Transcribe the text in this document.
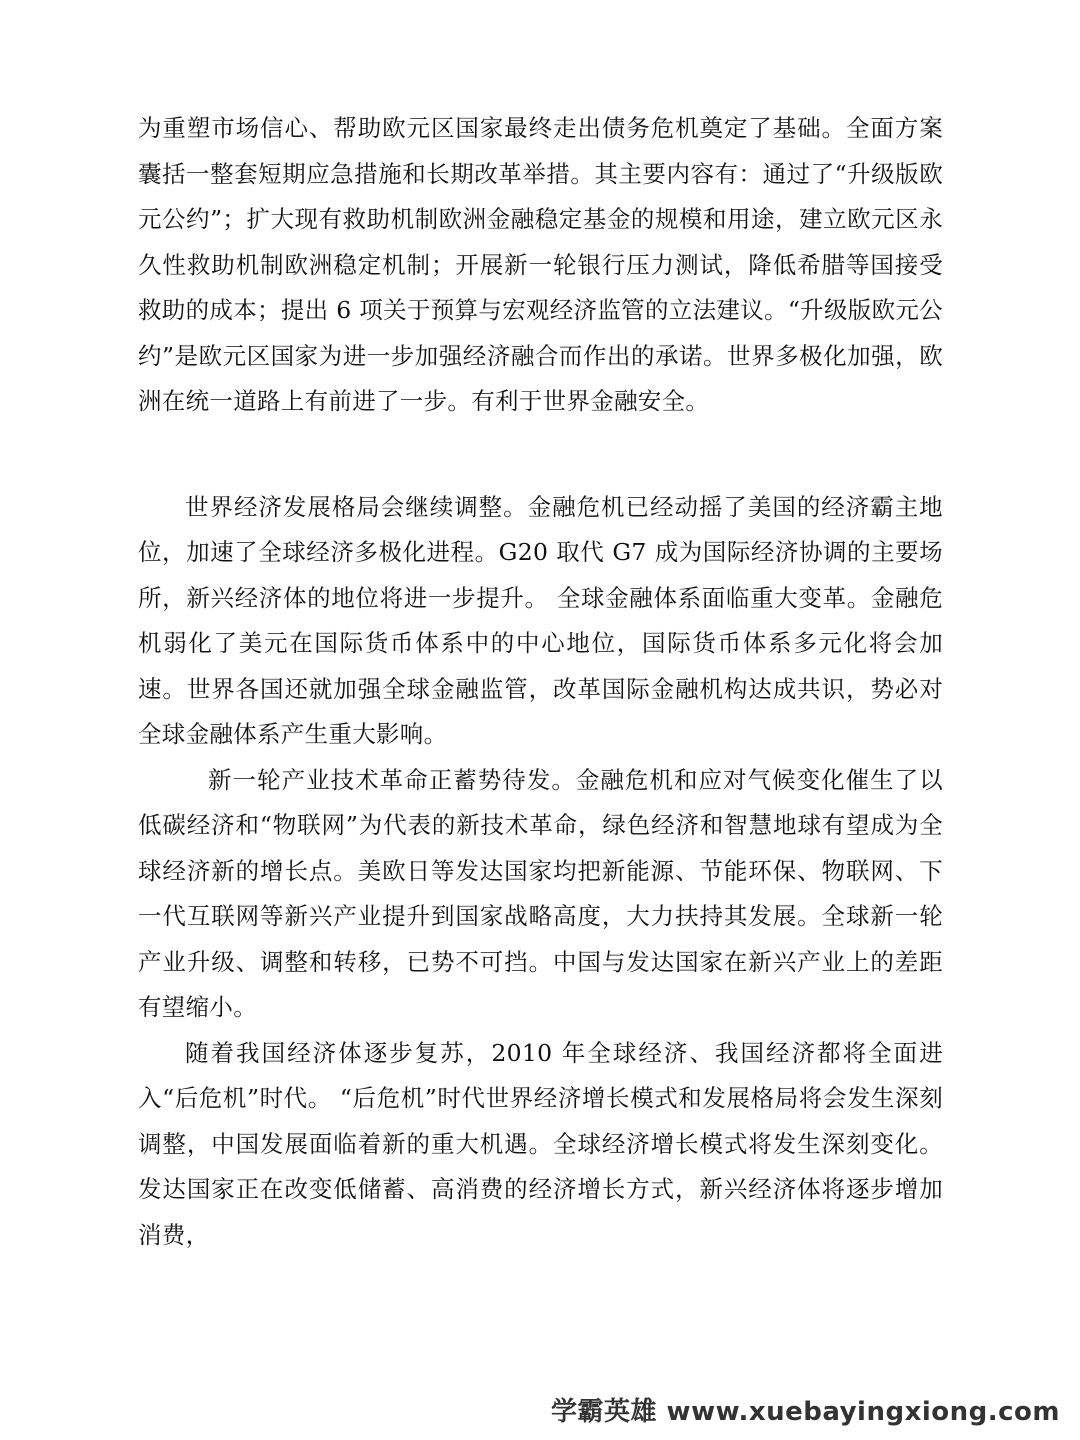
为重塑市场信心、帮助欧元区国家最终走出债务危机奠定了基础。全面方案囊括一整套短期应急措施和长期改革举措。其主要内容有：通过了“升级版欧元公约”；扩大现有救助机制欧洲金融稳定基金的规模和用途，建立欧元区永久性救助机制欧洲稳定机制；开展新一轮银行压力测试，降低希腊等国接受救助的成本；提出 6 项关于预算与宏观经济监管的立法建议。“升级版欧元公约”是欧元区国家为进一步加强经济融合而作出的承诺。世界多极化加强，欧洲在统一道路上有前进了一步。有利于世界金融安全。

世界经济发展格局会继续调整。金融危机已经动摇了美国的经济霸主地位，加速了全球经济多极化进程。G20 取代 G7 成为国际经济协调的主要场所，新兴经济体的地位将进一步提升。 全球金融体系面临重大变革。金融危机弱化了美元在国际货币体系中的中心地位，国际货币体系多元化将会加速。世界各国还就加强全球金融监管，改革国际金融机构达成共识，势必对全球金融体系产生重大影响。

新一轮产业技术革命正蓄势待发。金融危机和应对气候变化催生了以低碳经济和“物联网”为代表的新技术革命，绿色经济和智慧地球有望成为全球经济新的增长点。美欧日等发达国家均把新能源、节能环保、物联网、下一代互联网等新兴产业提升到国家战略高度，大力扶持其发展。全球新一轮产业升级、调整和转移，已势不可挡。中国与发达国家在新兴产业上的差距有望缩小。

随着我国经济体逐步复苏，2010 年全球经济、我国经济都将全面进入“后危机”时代。 “后危机”时代世界经济增长模式和发展格局将会发生深刻调整，中国发展面临着新的重大机遇。全球经济增长模式将发生深刻变化。发达国家正在改变低储蓄、高消费的经济增长方式，新兴经济体将逐步增加消费，

学霸英雄 www.xuebayingxiong.com
